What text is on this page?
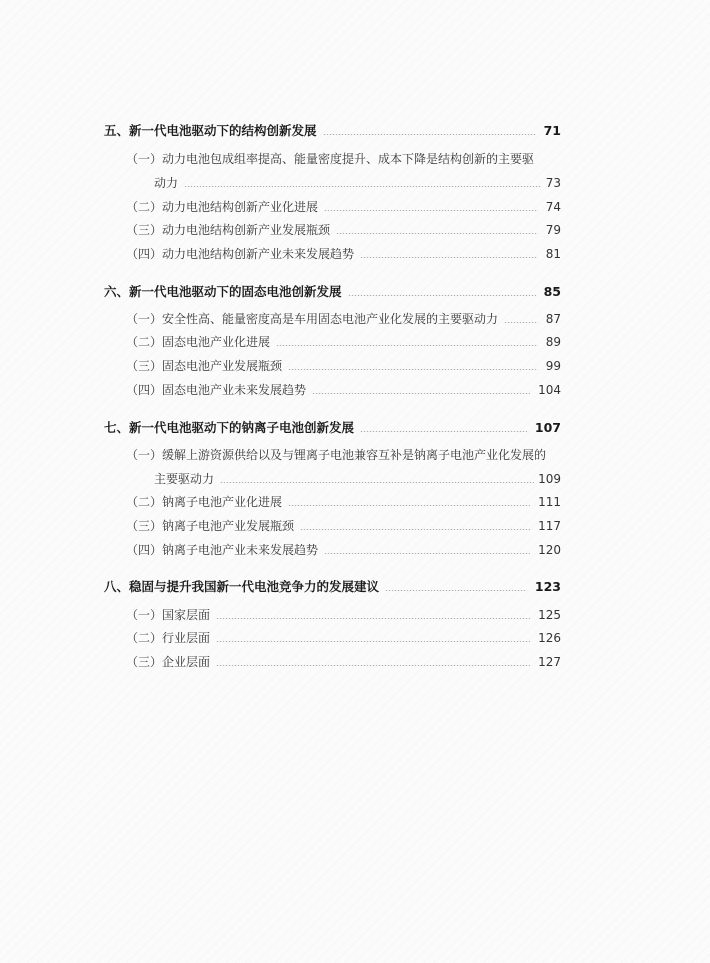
五、新一代电池驱动下的结构创新发展	71
（一） 动力电池包成组率提高、能量密度提升、成本下降是结构创新的主要驱
动力	73
（二） 动力电池结构创新产业化进展	74
（三） 动力电池结构创新产业发展瓶颈	79
（四） 动力电池结构创新产业未来发展趋势	81
六、新一代电池驱动下的固态电池创新发展	85
（一） 安全性高、能量密度高是车用固态电池产业化发展的主要驱动力	87
（二） 固态电池产业化进展	89
（三） 固态电池产业发展瓶颈	99
（四） 固态电池产业未来发展趋势	104
七、新一代电池驱动下的钠离子电池创新发展	107
（一） 缓解上游资源供给以及与锂离子电池兼容互补是钠离子电池产业化发展的
主要驱动力	109
（二） 钠离子电池产业化进展	111
（三） 钠离子电池产业发展瓶颈	117
（四） 钠离子电池产业未来发展趋势	120
八、稳固与提升我国新一代电池竞争力的发展建议	123
（一） 国家层面	125
（二） 行业层面	126
（三） 企业层面	127
